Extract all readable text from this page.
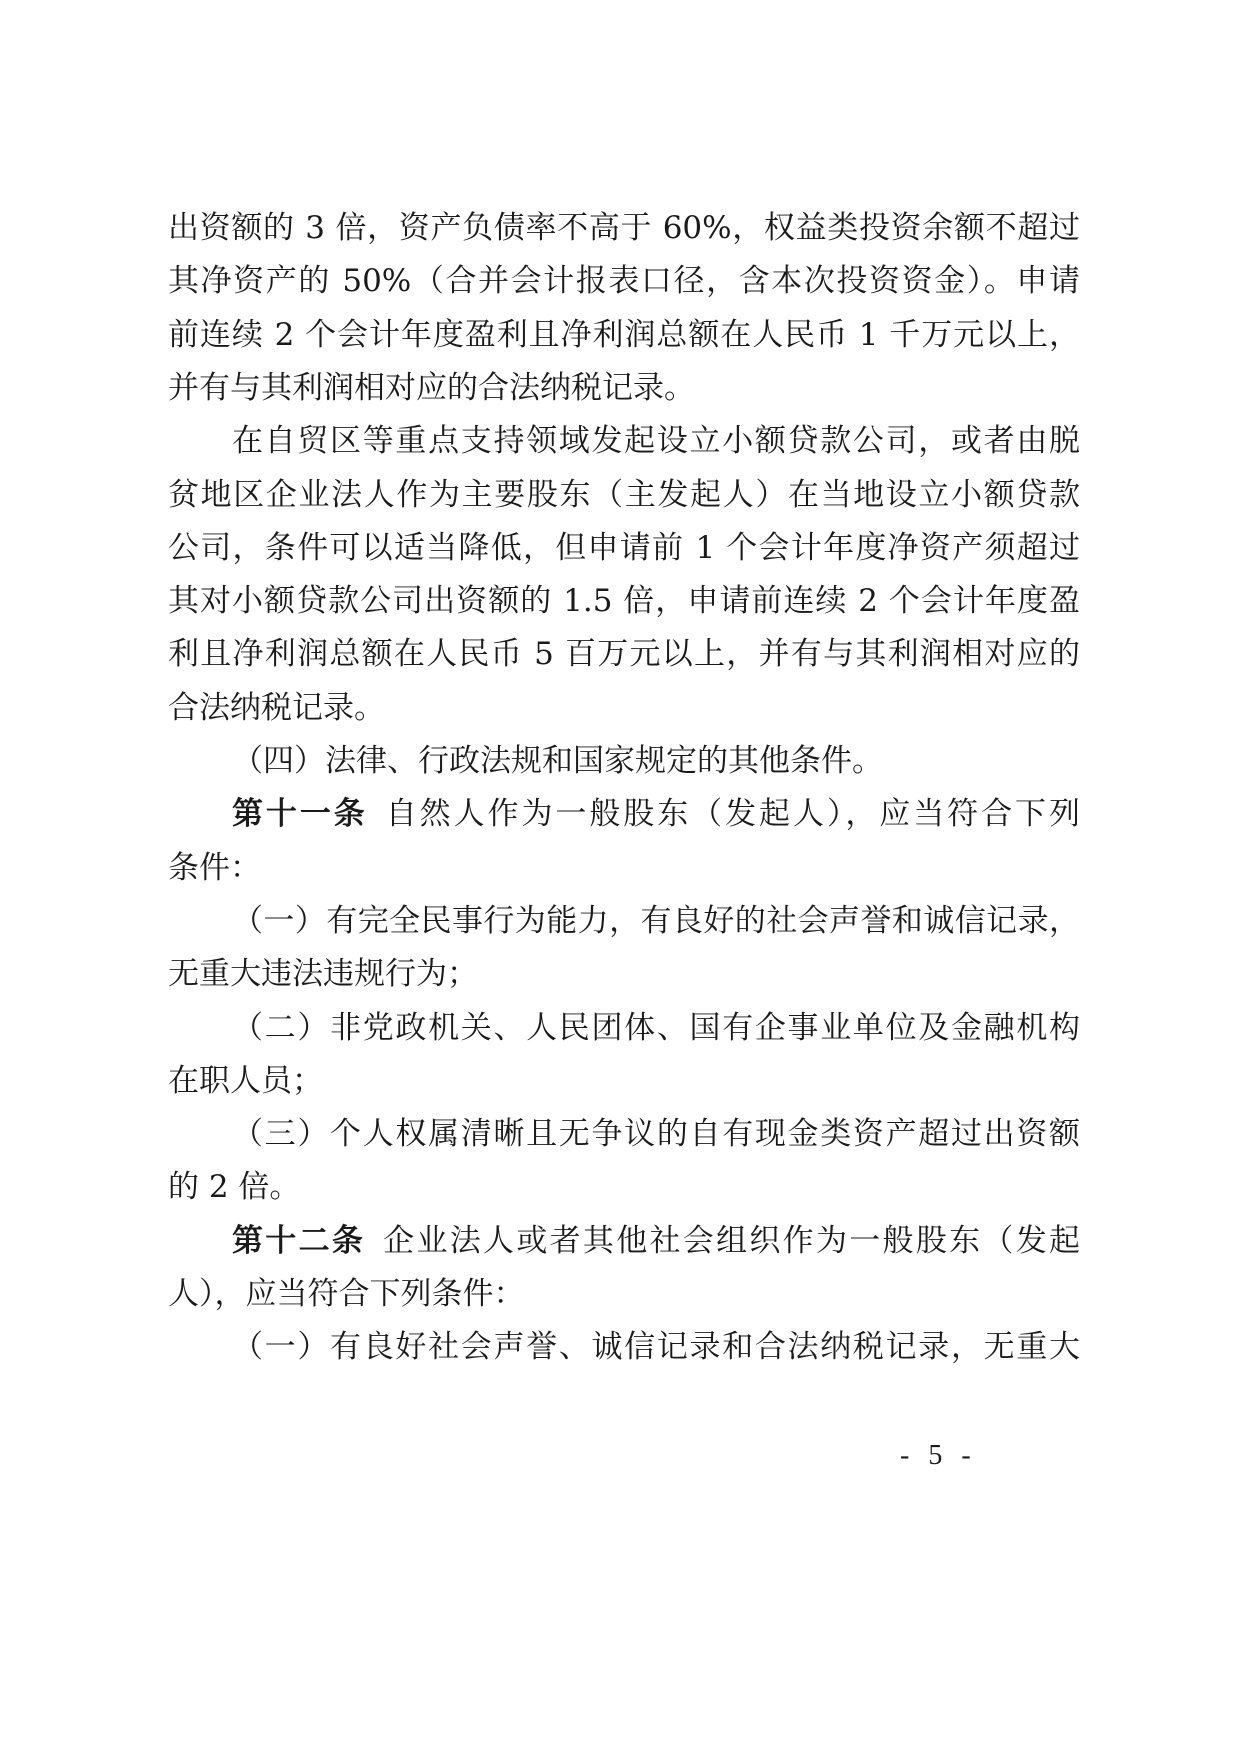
出资额的 3 倍，资产负债率不高于 60%，权益类投资余额不超过
其净资产的 50%（合并会计报表口径，含本次投资资金）。申请
前连续 2 个会计年度盈利且净利润总额在人民币 1 千万元以上，
并有与其利润相对应的合法纳税记录。
在自贸区等重点支持领域发起设立小额贷款公司，或者由脱
贫地区企业法人作为主要股东（主发起人）在当地设立小额贷款
公司，条件可以适当降低，但申请前 1 个会计年度净资产须超过
其对小额贷款公司出资额的 1.5 倍，申请前连续 2 个会计年度盈
利且净利润总额在人民币 5 百万元以上，并有与其利润相对应的
合法纳税记录。
（四）法律、行政法规和国家规定的其他条件。
第十一条 自然人作为一般股东（发起人），应当符合下列
条件：
（一）有完全民事行为能力，有良好的社会声誉和诚信记录，
无重大违法违规行为；
（二）非党政机关、人民团体、国有企事业单位及金融机构
在职人员；
（三）个人权属清晰且无争议的自有现金类资产超过出资额
的 2 倍。
第十二条 企业法人或者其他社会组织作为一般股东（发起
人），应当符合下列条件：
（一）有良好社会声誉、诚信记录和合法纳税记录，无重大
- 5 -
